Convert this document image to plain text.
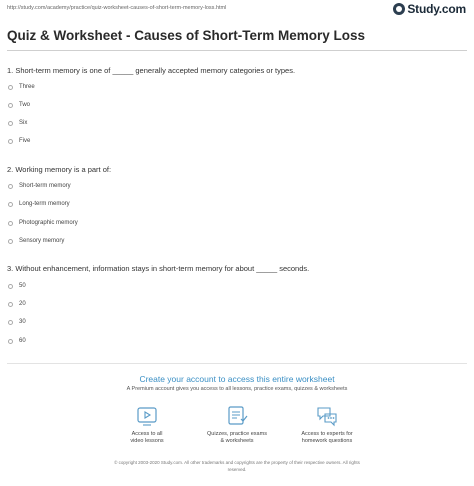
http://study.com/academy/practice/quiz-worksheet-causes-of-short-term-memory-loss.html	Study.com
Quiz & Worksheet - Causes of Short-Term Memory Loss
1. Short-term memory is one of _____ generally accepted memory categories or types.
Three
Two
Six
Five
2. Working memory is a part of:
Short-term memory
Long-term memory
Photographic memory
Sensory memory
3. Without enhancement, information stays in short-term memory for about _____ seconds.
50
20
30
60
Create your account to access this entire worksheet
A Premium account gives you access to all lessons, practice exams, quizzes & worksheets
Access to all
video lessons
Quizzes, practice exams
& worksheets
Access to experts for
homework questions
© copyright 2003-2020 Study.com. All other trademarks and copyrights are the property of their respective owners. All rights
reserved.
